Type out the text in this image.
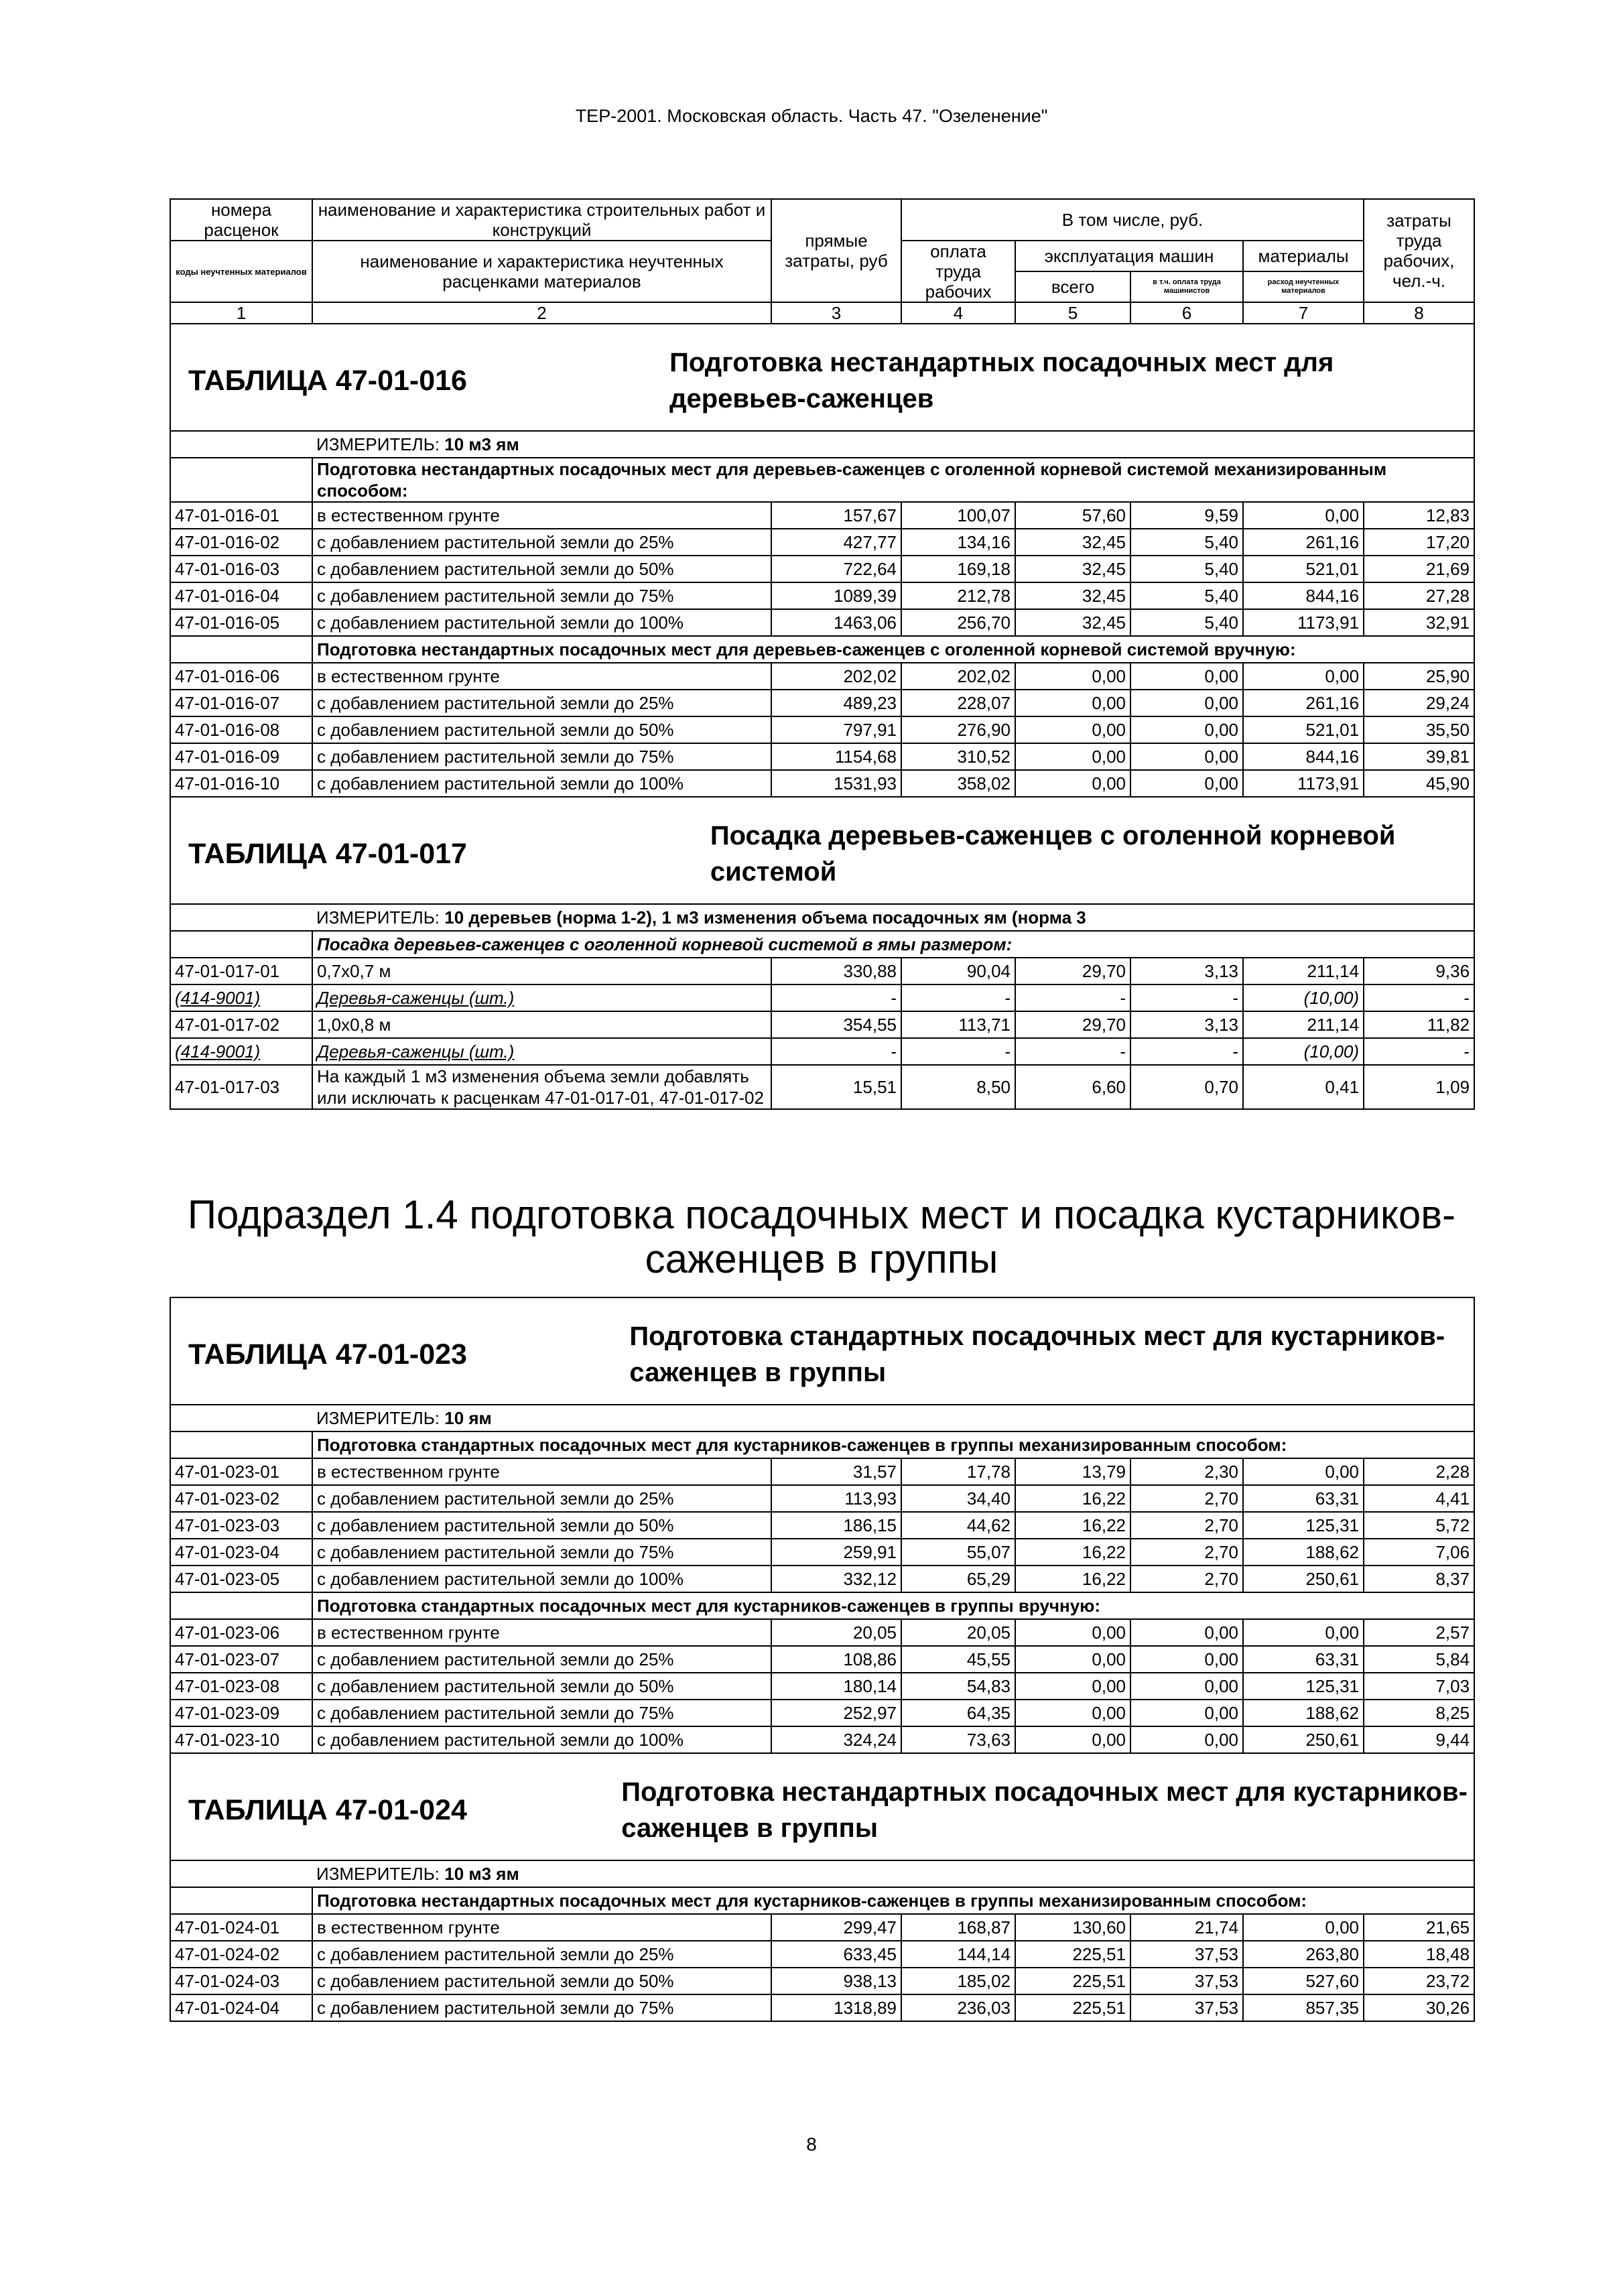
ТЕР-2001. Московская область. Часть 47. "Озеленение"
номера расценок	наименование и характеристика строительных работ и конструкций	прямые затраты, руб	В том числе, руб.				затраты труда рабочих, чел.-ч.

коды неучтенных материалов	наименование и характеристика неучтенных расценками материалов		оплата труда рабочих	эксплуатация машин		материалы	
				всего	в т.ч. оплата труда машинистов	расход неучтенных материалов	

1	2	3	4	5	6	7	8

ТАБЛИЦА 47-01-016
Подготовка нестандартных посадочных мест для деревьев-саженцев							

	ИЗМЕРИТЕЛЬ: 10 м3 ям						
	Подготовка нестандартных посадочных мест для деревьев-саженцев с оголенной корневой системой механизированным способом:						
47-01-016-01	в естественном грунте	157,67	100,07	57,60	9,59	0,00	12,83
47-01-016-02	с добавлением растительной земли до 25%	427,77	134,16	32,45	5,40	261,16	17,20
47-01-016-03	с добавлением растительной земли до 50%	722,64	169,18	32,45	5,40	521,01	21,69
47-01-016-04	с добавлением растительной земли до 75%	1089,39	212,78	32,45	5,40	844,16	27,28
47-01-016-05	с добавлением растительной земли до 100%	1463,06	256,70	32,45	5,40	1173,91	32,91
	Подготовка нестандартных посадочных мест для деревьев-саженцев с оголенной корневой системой вручную:						
47-01-016-06	в естественном грунте	202,02	202,02	0,00	0,00	0,00	25,90
47-01-016-07	с добавлением растительной земли до 25%	489,23	228,07	0,00	0,00	261,16	29,24
47-01-016-08	с добавлением растительной земли до 50%	797,91	276,90	0,00	0,00	521,01	35,50
47-01-016-09	с добавлением растительной земли до 75%	1154,68	310,52	0,00	0,00	844,16	39,81
47-01-016-10	с добавлением растительной земли до 100%	1531,93	358,02	0,00	0,00	1173,91	45,90

ТАБЛИЦА 47-01-017
Посадка деревьев-саженцев с оголенной корневой системой							

	ИЗМЕРИТЕЛЬ: 10 деревьев (норма 1-2), 1 м3 изменения объема посадочных ям (норма 3						
	Посадка деревьев-саженцев с оголенной корневой системой в ямы размером:						
47-01-017-01	0,7x0,7 м	330,88	90,04	29,70	3,13	211,14	9,36
(414-9001)	Деревья-саженцы (шт.)	-	-	-	-	(10,00)	-
47-01-017-02	1,0x0,8 м	354,55	113,71	29,70	3,13	211,14	11,82
(414-9001)	Деревья-саженцы (шт.)	-	-	-	-	(10,00)	-
47-01-017-03	На каждый 1 м3 изменения объема земли добавлять или исключать к расценкам 47-01-017-01, 47-01-017-02	15,51	8,50	6,60	0,70	0,41	1,09
Подраздел 1.4 подготовка посадочных мест и посадка кустарников-саженцев в группы
ТАБЛИЦА 47-01-023
Подготовка стандартных посадочных мест для кустарников-саженцев в группы							

	ИЗМЕРИТЕЛЬ: 10 ям						
	Подготовка стандартных посадочных мест для кустарников-саженцев в группы механизированным способом:						
47-01-023-01	в естественном грунте	31,57	17,78	13,79	2,30	0,00	2,28
47-01-023-02	с добавлением растительной земли до 25%	113,93	34,40	16,22	2,70	63,31	4,41
47-01-023-03	с добавлением растительной земли до 50%	186,15	44,62	16,22	2,70	125,31	5,72
47-01-023-04	с добавлением растительной земли до 75%	259,91	55,07	16,22	2,70	188,62	7,06
47-01-023-05	с добавлением растительной земли до 100%	332,12	65,29	16,22	2,70	250,61	8,37
	Подготовка стандартных посадочных мест для кустарников-саженцев в группы вручную:						
47-01-023-06	в естественном грунте	20,05	20,05	0,00	0,00	0,00	2,57
47-01-023-07	с добавлением растительной земли до 25%	108,86	45,55	0,00	0,00	63,31	5,84
47-01-023-08	с добавлением растительной земли до 50%	180,14	54,83	0,00	0,00	125,31	7,03
47-01-023-09	с добавлением растительной земли до 75%	252,97	64,35	0,00	0,00	188,62	8,25
47-01-023-10	с добавлением растительной земли до 100%	324,24	73,63	0,00	0,00	250,61	9,44

ТАБЛИЦА 47-01-024
Подготовка нестандартных посадочных мест для кустарников-саженцев в группы							

	ИЗМЕРИТЕЛЬ: 10 м3 ям						
	Подготовка нестандартных посадочных мест для кустарников-саженцев в группы механизированным способом:						
47-01-024-01	в естественном грунте	299,47	168,87	130,60	21,74	0,00	21,65
47-01-024-02	с добавлением растительной земли до 25%	633,45	144,14	225,51	37,53	263,80	18,48
47-01-024-03	с добавлением растительной земли до 50%	938,13	185,02	225,51	37,53	527,60	23,72
47-01-024-04	с добавлением растительной земли до 75%	1318,89	236,03	225,51	37,53	857,35	30,26
8
